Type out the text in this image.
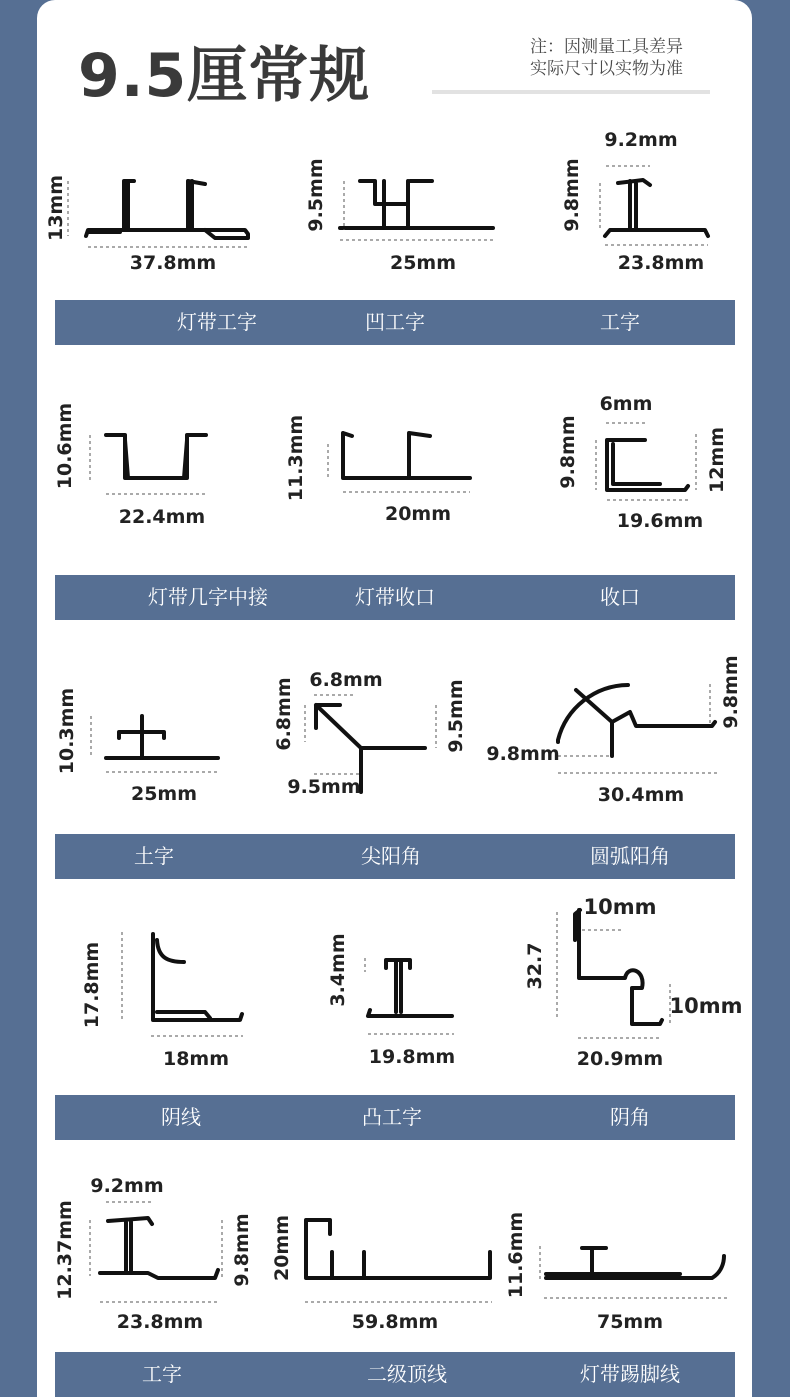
9.5厘常规	注：因测量工具差异
实际尺寸以实物为准
13mm
37.8mm
9.5mm
25mm
9.2mm
9.8mm
23.8mm
10.6mm
22.4mm
11.3mm
20mm
6mm
9.8mm	12mm
19.6mm
10.3mm
25mm
6.8mm
6.8mm	9.5mm
9.5mm
9.8mm
9.8mm
30.4mm
17.8mm
18mm
3.4mm
19.8mm
10mm
32.7
10mm
20.9mm
9.2mm
12.37mm	9.8mm
23.8mm
20mm
59.8mm
11.6mm
75mm
灯带工字	凹工字	工字
灯带几字中接	灯带收口	收口
土字	尖阳角	圆弧阳角
阴线	凸工字	阴角
工字	二级顶线	灯带踢脚线
